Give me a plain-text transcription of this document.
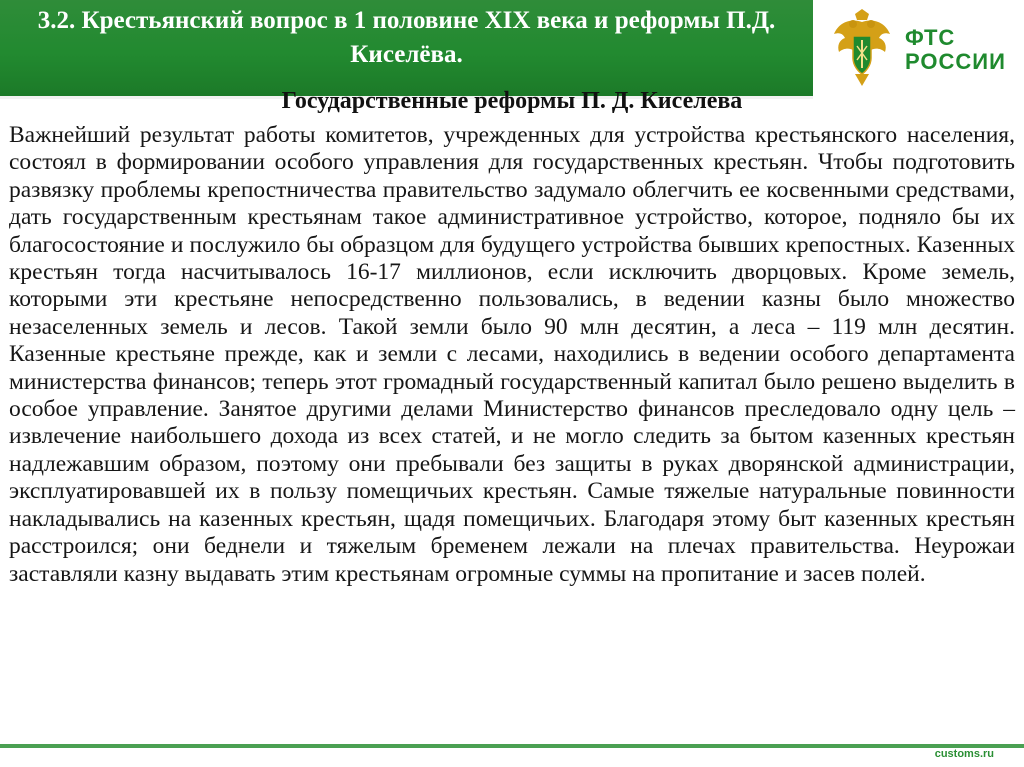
3.2. Крестьянский вопрос в 1 половине XIX века и реформы П.Д. Киселёва.
ФТС
РОССИИ
Государственные реформы П. Д. Киселева

Важнейший результат работы комитетов, учрежденных для устройства крестьянского населения, состоял в формировании особого управления для государственных крестьян. Чтобы подготовить развязку проблемы крепостничества правительство задумало облегчить ее косвенными средствами, дать государственным крестьянам такое административное устройство, которое, подняло бы их благосостояние и послужило бы образцом для будущего устройства бывших крепостных. Казенных крестьян тогда насчитывалось 16-17 миллионов, если исключить дворцовых. Кроме земель, которыми эти крестьяне непосредственно пользовались, в ведении казны было множество незаселенных земель и лесов. Такой земли было 90 млн десятин, а леса – 119 млн десятин. Казенные крестьяне прежде, как и земли с лесами, находились в ведении особого департамента министерства финансов; теперь этот громадный государственный капитал было решено выделить в особое управление. Занятое другими делами Министерство финансов преследовало одну цель – извлечение наибольшего дохода из всех статей, и не могло следить за бытом казенных крестьян надлежавшим образом, поэтому они пребывали без защиты в руках дворянской администрации, эксплуатировавшей их в пользу помещичьих крестьян. Самые тяжелые натуральные повинности накладывались на казенных крестьян, щадя помещичьих. Благодаря этому быт казенных крестьян расстроился; они беднели и тяжелым бременем лежали на плечах правительства. Неурожаи заставляли казну выдавать этим крестьянам огромные суммы на пропитание и засев полей.

customs.ru
